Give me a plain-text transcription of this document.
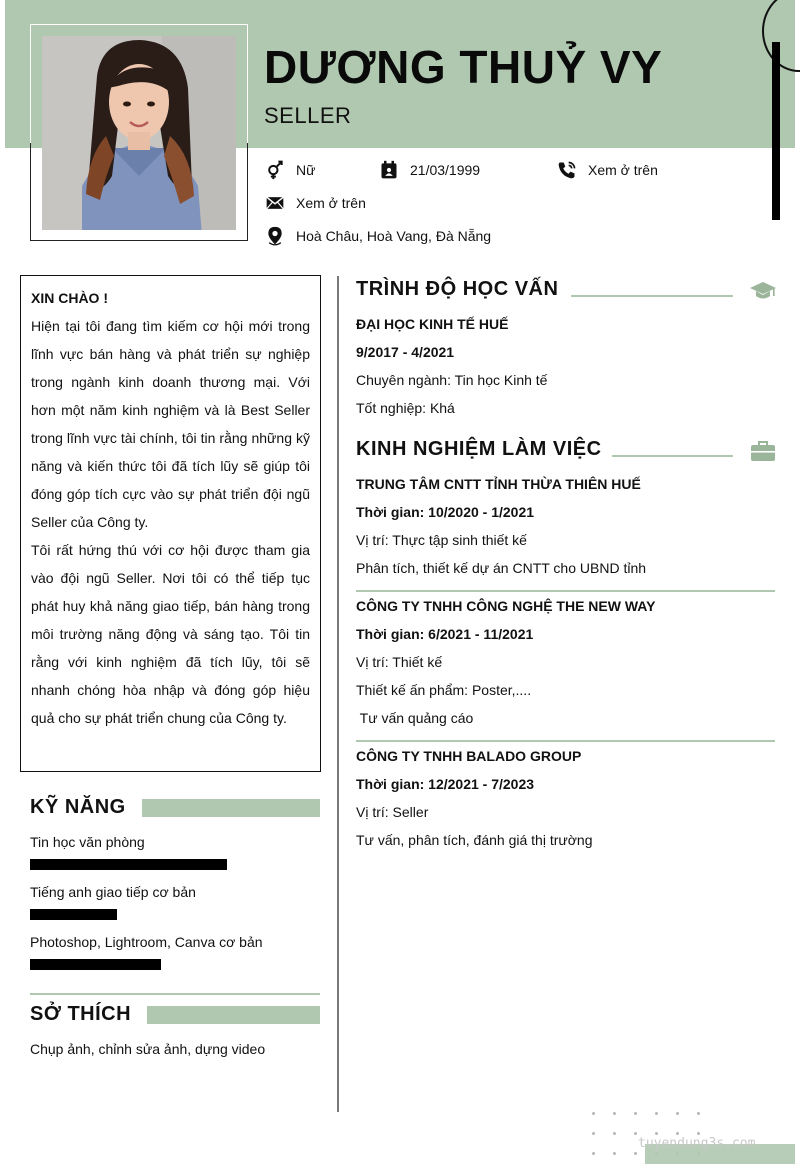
DƯƠNG THUỶ VY
SELLER
Nữ	21/03/1999	Xem ở trên
Xem ở trên
Hoà Châu, Hoà Vang, Đà Nẵng
XIN CHÀO !

Hiện tại tôi đang tìm kiếm cơ hội mới trong lĩnh vực bán hàng và phát triển sự nghiệp trong ngành kinh doanh thương mại. Với hơn một năm kinh nghiệm và là Best Seller trong lĩnh vực tài chính, tôi tin rằng những kỹ năng và kiến thức tôi đã tích lũy sẽ giúp tôi đóng góp tích cực vào sự phát triển đội ngũ Seller của Công ty.

Tôi rất hứng thú với cơ hội được tham gia vào đội ngũ Seller. Nơi tôi có thể tiếp tục phát huy khả năng giao tiếp, bán hàng trong môi trường năng động và sáng tạo. Tôi tin rằng với kinh nghiệm đã tích lũy, tôi sẽ nhanh chóng hòa nhập và đóng góp hiệu quả cho sự phát triển chung của Công ty.

KỸ NĂNG
Tin học văn phòng
Tiếng anh giao tiếp cơ bản
Photoshop, Lightroom, Canva cơ bản
SỞ THÍCH
Chụp ảnh, chỉnh sửa ảnh, dựng video
TRÌNH ĐỘ HỌC VẤN
ĐẠI HỌC KINH TẾ HUẾ
9/2017 - 4/2021
Chuyên ngành: Tin học Kinh tế
Tốt nghiệp: Khá
KINH NGHIỆM LÀM VIỆC
TRUNG TÂM CNTT TỈNH THỪA THIÊN HUẾ
Thời gian: 10/2020 - 1/2021
Vị trí: Thực tập sinh thiết kế
Phân tích, thiết kế dự án CNTT cho UBND tỉnh
CÔNG TY TNHH CÔNG NGHỆ THE NEW WAY
Thời gian: 6/2021 - 11/2021
Vị trí: Thiết kế
Thiết kế ấn phẩm: Poster,....
Tư vấn quảng cáo
CÔNG TY TNHH BALADO GROUP
Thời gian: 12/2021 - 7/2023
Vị trí: Seller
Tư vấn, phân tích, đánh giá thị trường
tuyendung3s.com
